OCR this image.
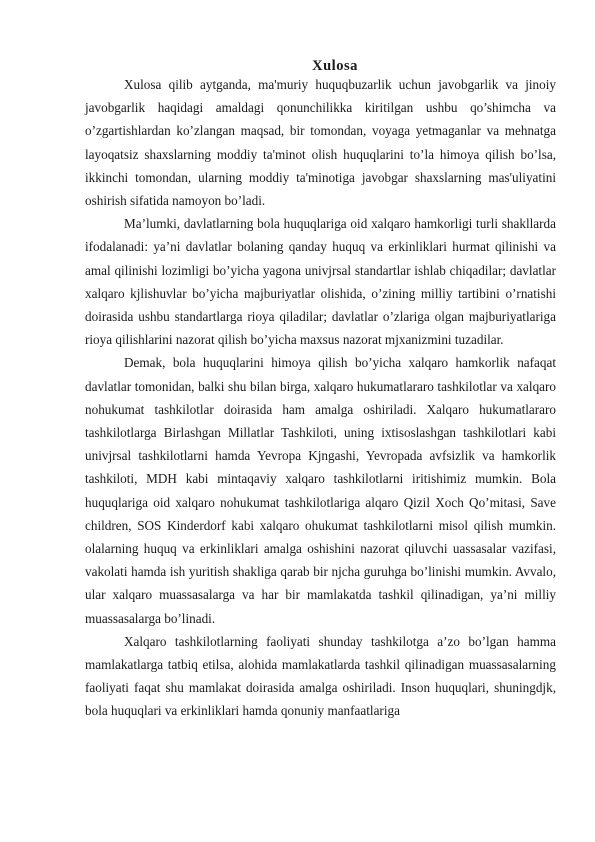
Xulosa

Xulosa qilib aytganda, ma'muriy huquqbuzarlik uchun javobgarlik va jinoiy javobgarlik haqidagi amaldagi qonunchilikka kiritilgan ushbu qo’shimcha va o’zgartishlardan ko’zlangan maqsad, bir tomondan, voyaga yetmaganlar va mehnatga layoqatsiz shaxslarning moddiy ta'minot olish huquqlarini to’la himoya qilish bo’lsa, ikkinchi tomondan, ularning moddiy ta'minotiga javobgar shaxslarning mas'uliyatini oshirish sifatida namoyon bo’ladi.

Ma’lumki, davlatlarning bola huquqlariga oid xalqaro hamkorligi turli shakllarda ifodalanadi: ya’ni davlatlar bolaning qanday huquq va erkinliklari hurmat qilinishi va amal qilinishi lozimligi bo’yicha yagona univјrsal standartlar ishlab chiqadilar; davlatlar xalqaro kјlishuvlar bo’yicha majburiyatlar olishida, o’zining milliy tartibini o’rnatishi doirasida ushbu standartlarga rioya qiladilar; davlatlar o’zlariga olgan majburiyatlariga rioya qilishlarini nazorat qilish bo’yicha maxsus nazorat mјxanizmini tuzadilar.

Demak, bola huquqlarini himoya qilish bo’yicha xalqaro hamkorlik nafaqat davlatlar tomonidan, balki shu bilan birga, xalqaro hukumatlararo tashkilotlar va xalqaro nohukumat tashkilotlar doirasida ham amalga oshiriladi. Xalqaro hukumatlararo tashkilotlarga Birlashgan Millatlar Tashkiloti, uning ixtisoslashgan tashkilotlari kabi univјrsal tashkilotlarni hamda Yevropa Kјngashi, Yevropada avfsizlik va hamkorlik tashkiloti, MDH kabi mintaqaviy xalqaro tashkilotlarni iritishimiz mumkin. Bola huquqlariga oid xalqaro nohukumat tashkilotlariga alqaro Qizil Xoch Qo’mitasi, Save children, SOS Kinderdorf kabi xalqaro ohukumat tashkilotlarni misol qilish mumkin. olalarning huquq va erkinliklari amalga oshishini nazorat qiluvchi uassasalar vazifasi, vakolati hamda ish yuritish shakliga qarab bir nјcha guruhga bo’linishi mumkin. Avvalo, ular xalqaro muassasalarga va har bir mamlakatda tashkil qilinadigan, ya’ni milliy muassasalarga bo’linadi.

Xalqaro tashkilotlarning faoliyati shunday tashkilotga a’zo bo’lgan hamma mamlakatlarga tatbiq etilsa, alohida mamlakatlarda tashkil qilinadigan muassasalarning faoliyati faqat shu mamlakat doirasida amalga oshiriladi. Inson huquqlari, shuningdјk, bola huquqlari va erkinliklari hamda qonuniy manfaatlariga
